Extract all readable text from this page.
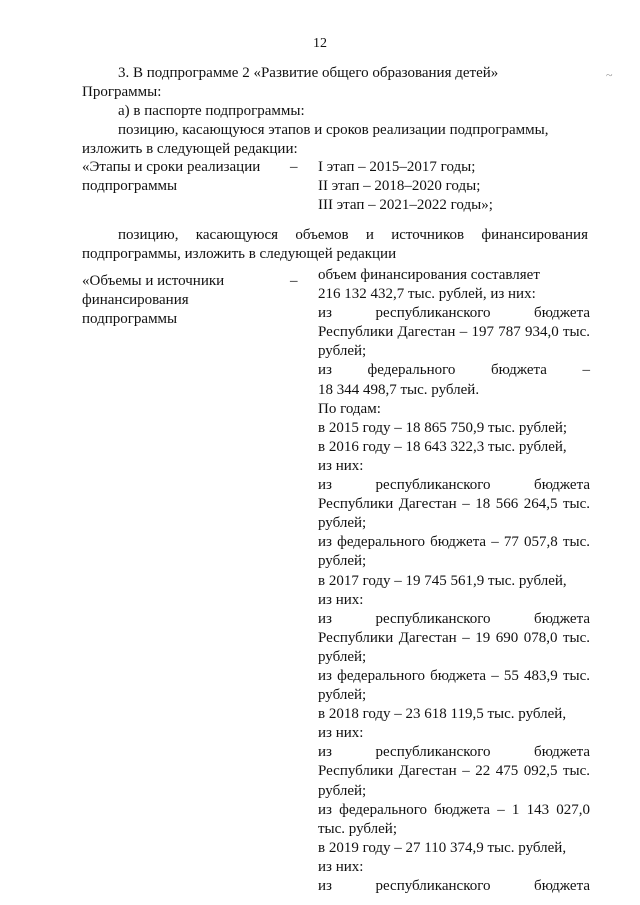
12
3. В подпрограмме 2 «Развитие общего образования детей»
Программы:
а) в паспорте подпрограммы:
позицию, касающуюся этапов и сроков реализации подпрограммы,
изложить в следующей редакции:
«Этапы и сроки реализации подпрограммы
– I этап – 2015–2017 годы;
II этап – 2018–2020 годы;
III этап – 2021–2022 годы»;
позицию, касающуюся объемов и источников финансирования
подпрограммы, изложить в следующей редакции
«Объемы и источники финансирования подпрограммы
– объем финансирования составляет
216 132 432,7 тыс. рублей, из них:
из республиканского бюджета
Республики Дагестан – 197 787 934,0 тыс.
рублей;
из федерального бюджета –
18 344 498,7 тыс. рублей.
По годам:
в 2015 году – 18 865 750,9 тыс. рублей;
в 2016 году – 18 643 322,3 тыс. рублей,
из них:
из республиканского бюджета
Республики Дагестан – 18 566 264,5 тыс.
рублей;
из федерального бюджета – 77 057,8 тыс.
рублей;
в 2017 году – 19 745 561,9 тыс. рублей,
из них:
из республиканского бюджета
Республики Дагестан – 19 690 078,0 тыс.
рублей;
из федерального бюджета – 55 483,9 тыс.
рублей;
в 2018 году – 23 618 119,5 тыс. рублей,
из них:
из республиканского бюджета
Республики Дагестан – 22 475 092,5 тыс.
рублей;
из федерального бюджета – 1 143 027,0
тыс. рублей;
в 2019 году – 27 110 374,9 тыс. рублей,
из них:
из республиканского бюджета
~
